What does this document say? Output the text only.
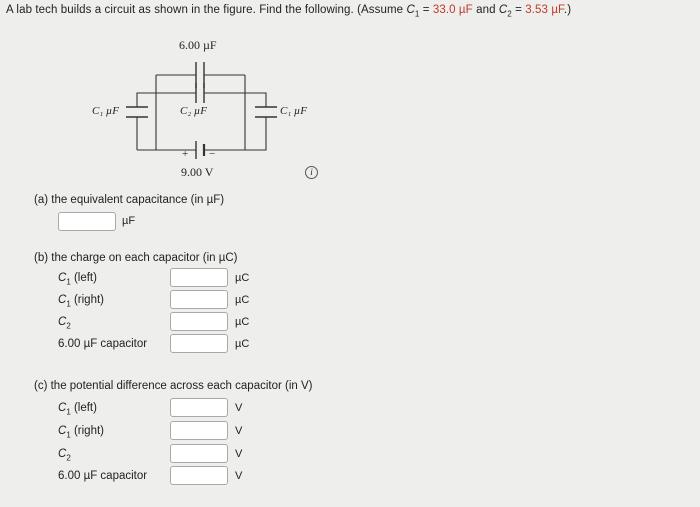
A lab tech builds a circuit as shown in the figure. Find the following. (Assume $C_1 = 33.0$ µF and $C_2 = 3.53$ µF.)
6.00 µF
C₁ µF	C₂ µF	C₁ µF
+ −
9.00 V	i
(a) the equivalent capacitance (in µF)
µF
(b) the charge on each capacitor (in µC)
$C_1$ (left)	µC
$C_1$ (right)	µC
$C_2$	µC
6.00 µF capacitor	µC
(c) the potential difference across each capacitor (in V)
$C_1$ (left)	V
$C_1$ (right)	V
$C_2$	V
6.00 µF capacitor	V
